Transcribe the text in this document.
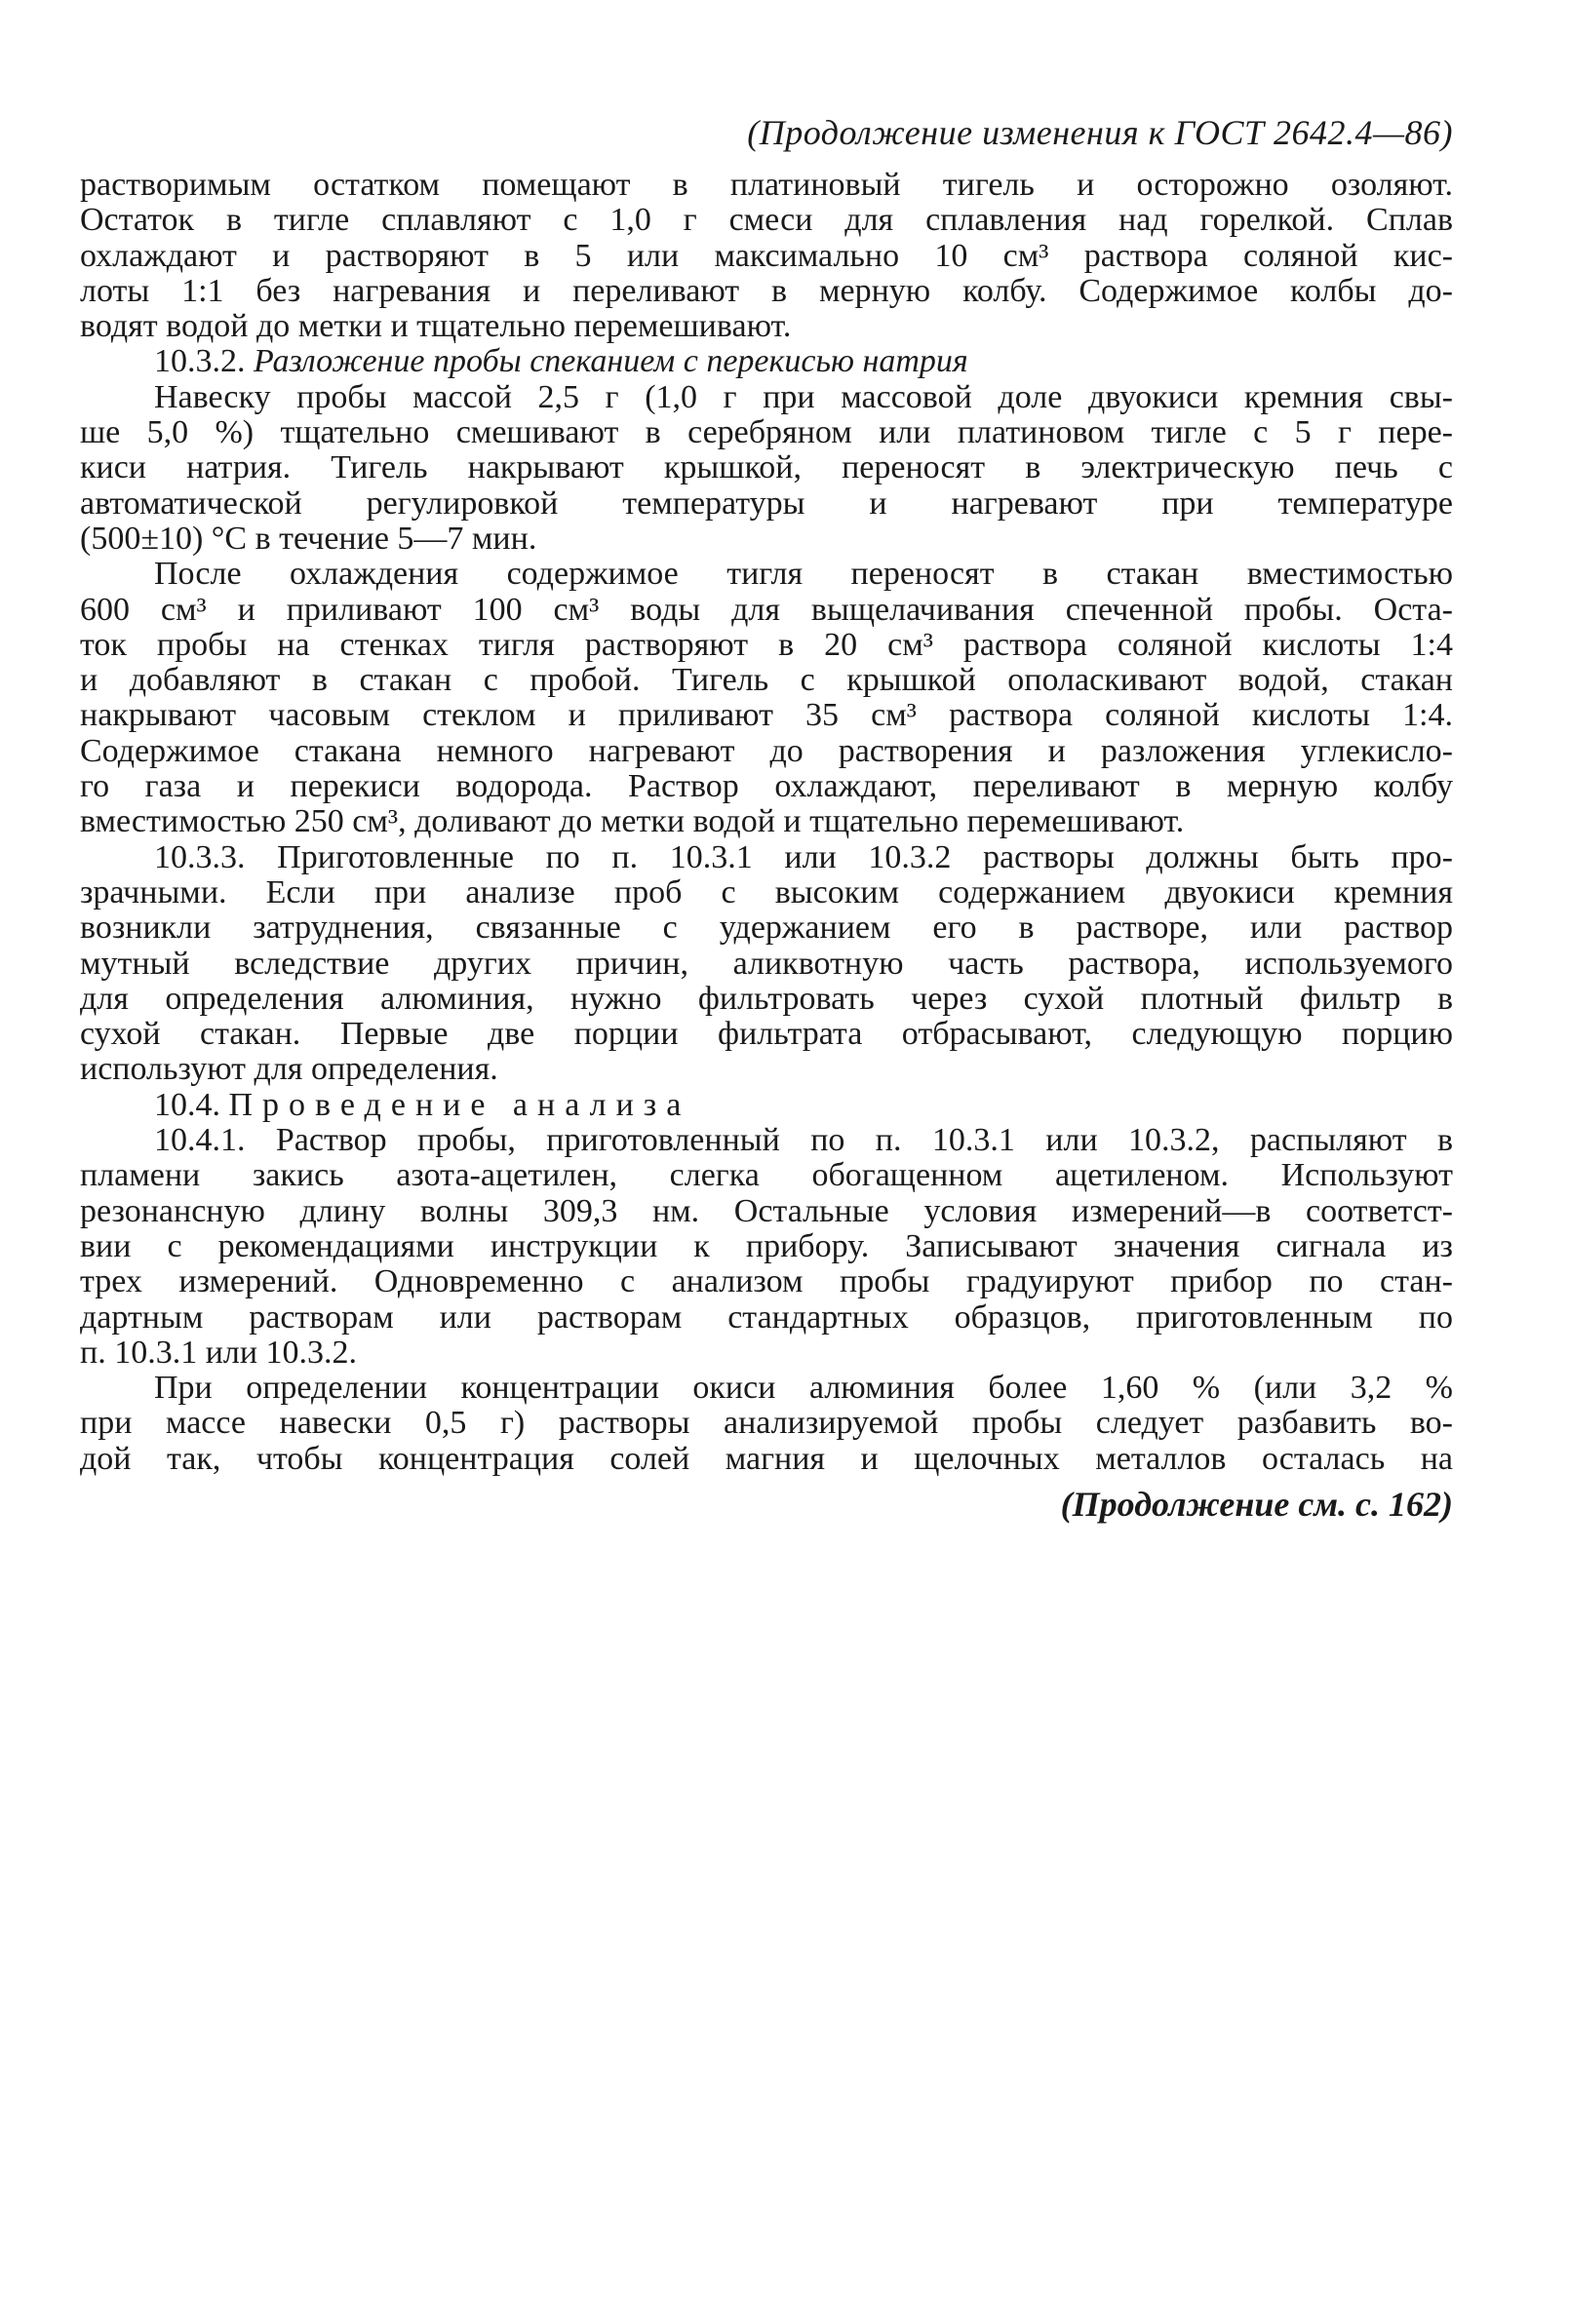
(Продолжение изменения к ГОСТ 2642.4—86)

растворимым остатком помещают в платиновый тигель и осторожно озоляют.

Остаток в тигле сплавляют с 1,0 г смеси для сплавления над горелкой. Сплав

охлаждают и растворяют в 5 или максимально 10 см³ раствора соляной кис-

лоты 1:1 без нагревания и переливают в мерную колбу. Содержимое колбы до-

водят водой до метки и тщательно перемешивают.

10.3.2. Разложение пробы спеканием с перекисью натрия

Навеску пробы массой 2,5 г (1,0 г при массовой доле двуокиси кремния свы-

ше 5,0 %) тщательно смешивают в серебряном или платиновом тигле с 5 г пере-

киси натрия. Тигель накрывают крышкой, переносят в электрическую печь с

автоматической регулировкой температуры и нагревают при температуре

(500±10) °С в течение 5—7 мин.

После охлаждения содержимое тигля переносят в стакан вместимостью

600 см³ и приливают 100 см³ воды для выщелачивания спеченной пробы. Оста-

ток пробы на стенках тигля растворяют в 20 см³ раствора соляной кислоты 1:4

и добавляют в стакан с пробой. Тигель с крышкой ополаскивают водой, стакан

накрывают часовым стеклом и приливают 35 см³ раствора соляной кислоты 1:4.

Содержимое стакана немного нагревают до растворения и разложения углекисло-

го газа и перекиси водорода. Раствор охлаждают, переливают в мерную колбу

вместимостью 250 см³, доливают до метки водой и тщательно перемешивают.

10.3.3. Приготовленные по п. 10.3.1 или 10.3.2 растворы должны быть про-

зрачными. Если при анализе проб с высоким содержанием двуокиси кремния

возникли затруднения, связанные с удержанием его в растворе, или раствор

мутный вследствие других причин, аликвотную часть раствора, используемого

для определения алюминия, нужно фильтровать через сухой плотный фильтр в

сухой стакан. Первые две порции фильтрата отбрасывают, следующую порцию

используют для определения.

10.4. Проведение анализа

10.4.1. Раствор пробы, приготовленный по п. 10.3.1 или 10.3.2, распыляют в

пламени закись азота-ацетилен, слегка обогащенном ацетиленом. Используют

резонансную длину волны 309,3 нм. Остальные условия измерений—в соответст-

вии с рекомендациями инструкции к прибору. Записывают значения сигнала из

трех измерений. Одновременно с анализом пробы градуируют прибор по стан-

дартным растворам или растворам стандартных образцов, приготовленным по

п. 10.3.1 или 10.3.2.

При определении концентрации окиси алюминия более 1,60 % (или 3,2 %

при массе навески 0,5 г) растворы анализируемой пробы следует разбавить во-

дой так, чтобы концентрация солей магния и щелочных металлов осталась на

(Продолжение см. с. 162)
